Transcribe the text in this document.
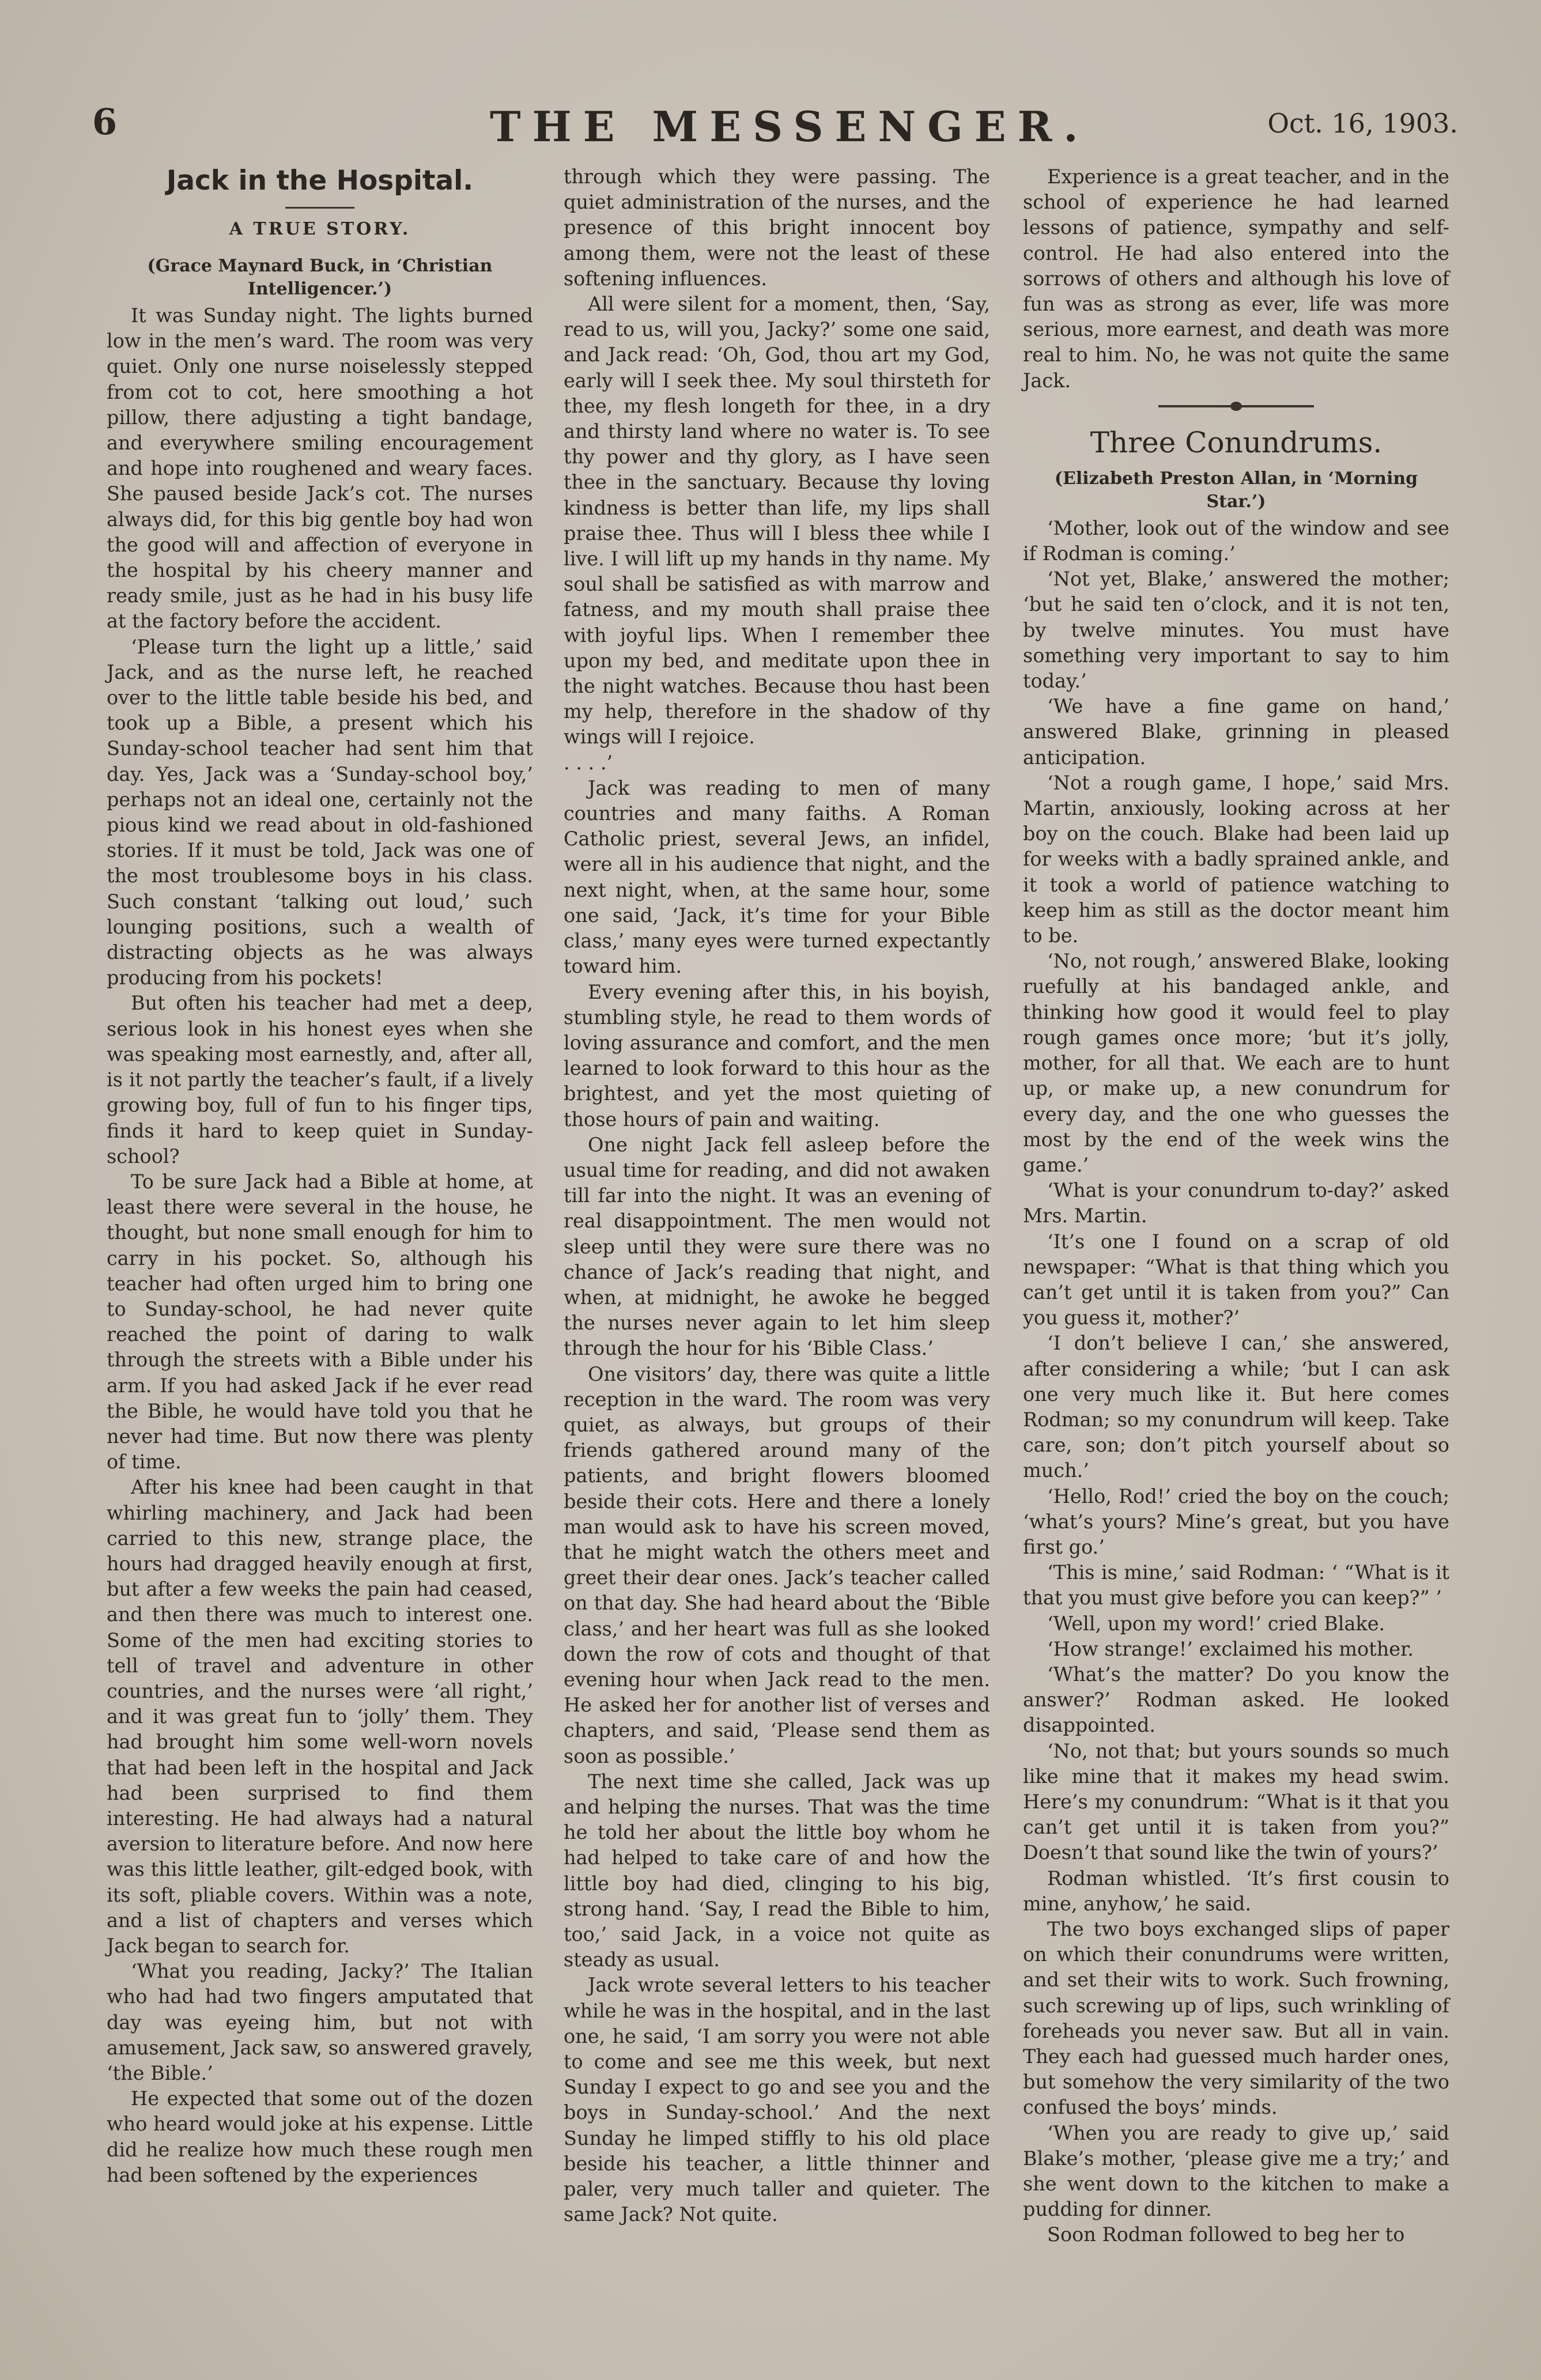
6	THE MESSENGER.	Oct. 16, 1903.
Jack in the Hospital.
A TRUE STORY.
(Grace Maynard Buck, in ‘Christian Intelligencer.’)

It was Sunday night. The lights burned low in the men’s ward. The room was very quiet. Only one nurse noiselessly stepped from cot to cot, here smoothing a hot pillow, there adjusting a tight bandage, and everywhere smiling encouragement and hope into roughened and weary faces. She paused beside Jack’s cot. The nurses always did, for this big gentle boy had won the good will and affection of everyone in the hospital by his cheery manner and ready smile, just as he had in his busy life at the factory before the accident.

‘Please turn the light up a little,’ said Jack, and as the nurse left, he reached over to the little table beside his bed, and took up a Bible, a present which his Sunday-school teacher had sent him that day. Yes, Jack was a ‘Sunday-school boy,’ perhaps not an ideal one, certainly not the pious kind we read about in old-fashioned stories. If it must be told, Jack was one of the most troublesome boys in his class. Such constant ‘talking out loud,’ such lounging positions, such a wealth of distracting objects as he was always producing from his pockets!

But often his teacher had met a deep, serious look in his honest eyes when she was speaking most earnestly, and, after all, is it not partly the teacher’s fault, if a lively growing boy, full of fun to his finger tips, finds it hard to keep quiet in Sunday-school?

To be sure Jack had a Bible at home, at least there were several in the house, he thought, but none small enough for him to carry in his pocket. So, although his teacher had often urged him to bring one to Sunday-school, he had never quite reached the point of daring to walk through the streets with a Bible under his arm. If you had asked Jack if he ever read the Bible, he would have told you that he never had time. But now there was plenty of time.

After his knee had been caught in that whirling machinery, and Jack had been carried to this new, strange place, the hours had dragged heavily enough at first, but after a few weeks the pain had ceased, and then there was much to interest one. Some of the men had exciting stories to tell of travel and adventure in other countries, and the nurses were ‘all right,’ and it was great fun to ‘jolly’ them. They had brought him some well-worn novels that had been left in the hospital and Jack had been surprised to find them interesting. He had always had a natural aversion to literature before. And now here was this little leather, gilt-edged book, with its soft, pliable covers. Within was a note, and a list of chapters and verses which Jack began to search for.

‘What you reading, Jacky?’ The Italian who had had two fingers amputated that day was eyeing him, but not with amusement, Jack saw, so answered gravely, ‘the Bible.’

He expected that some out of the dozen who heard would joke at his expense. Little did he realize how much these rough men had been softened by the experiences

through which they were passing. The quiet administration of the nurses, and the presence of this bright innocent boy among them, were not the least of these softening influences.

All were silent for a moment, then, ‘Say, read to us, will you, Jacky?’ some one said, and Jack read: ‘Oh, God, thou art my God, early will I seek thee. My soul thirsteth for thee, my flesh longeth for thee, in a dry and thirsty land where no water is. To see thy power and thy glory, as I have seen thee in the sanctuary. Because thy loving kindness is better than life, my lips shall praise thee. Thus will I bless thee while I live. I will lift up my hands in thy name. My soul shall be satisfied as with marrow and fatness, and my mouth shall praise thee with joyful lips. When I remember thee upon my bed, and meditate upon thee in the night watches. Because thou hast been my help, therefore in the shadow of thy wings will I rejoice.

. . . .’

Jack was reading to men of many countries and many faiths. A Roman Catholic priest, several Jews, an infidel, were all in his audience that night, and the next night, when, at the same hour, some one said, ‘Jack, it’s time for your Bible class,’ many eyes were turned expectantly toward him.

Every evening after this, in his boyish, stumbling style, he read to them words of loving assurance and comfort, and the men learned to look forward to this hour as the brightest, and yet the most quieting of those hours of pain and waiting.

One night Jack fell asleep before the usual time for reading, and did not awaken till far into the night. It was an evening of real disappointment. The men would not sleep until they were sure there was no chance of Jack’s reading that night, and when, at midnight, he awoke he begged the nurses never again to let him sleep through the hour for his ‘Bible Class.’

One visitors’ day, there was quite a little reception in the ward. The room was very quiet, as always, but groups of their friends gathered around many of the patients, and bright flowers bloomed beside their cots. Here and there a lonely man would ask to have his screen moved, that he might watch the others meet and greet their dear ones. Jack’s teacher called on that day. She had heard about the ‘Bible class,’ and her heart was full as she looked down the row of cots and thought of that evening hour when Jack read to the men. He asked her for another list of verses and chapters, and said, ‘Please send them as soon as possible.’

The next time she called, Jack was up and helping the nurses. That was the time he told her about the little boy whom he had helped to take care of and how the little boy had died, clinging to his big, strong hand. ‘Say, I read the Bible to him, too,’ said Jack, in a voice not quite as steady as usual.

Jack wrote several letters to his teacher while he was in the hospital, and in the last one, he said, ‘I am sorry you were not able to come and see me this week, but next Sunday I expect to go and see you and the boys in Sunday-school.’ And the next Sunday he limped stiffly to his old place beside his teacher, a little thinner and paler, very much taller and quieter. The same Jack? Not quite.

Experience is a great teacher, and in the school of experience he had learned lessons of patience, sympathy and self-control. He had also entered into the sorrows of others and although his love of fun was as strong as ever, life was more serious, more earnest, and death was more real to him. No, he was not quite the same Jack.

Three Conundrums.
(Elizabeth Preston Allan, in ‘Morning Star.’)

‘Mother, look out of the window and see if Rodman is coming.’

‘Not yet, Blake,’ answered the mother; ‘but he said ten o’clock, and it is not ten, by twelve minutes. You must have something very important to say to him today.’

‘We have a fine game on hand,’ answered Blake, grinning in pleased anticipation.

‘Not a rough game, I hope,’ said Mrs. Martin, anxiously, looking across at her boy on the couch. Blake had been laid up for weeks with a badly sprained ankle, and it took a world of patience watching to keep him as still as the doctor meant him to be.

‘No, not rough,’ answered Blake, looking ruefully at his bandaged ankle, and thinking how good it would feel to play rough games once more; ‘but it’s jolly, mother, for all that. We each are to hunt up, or make up, a new conundrum for every day, and the one who guesses the most by the end of the week wins the game.’

‘What is your conundrum to-day?’ asked Mrs. Martin.

‘It’s one I found on a scrap of old newspaper: “What is that thing which you can’t get until it is taken from you?” Can you guess it, mother?’

‘I don’t believe I can,’ she answered, after considering a while; ‘but I can ask one very much like it. But here comes Rodman; so my conundrum will keep. Take care, son; don’t pitch yourself about so much.’

‘Hello, Rod!’ cried the boy on the couch; ‘what’s yours? Mine’s great, but you have first go.’

‘This is mine,’ said Rodman: ‘ “What is it that you must give before you can keep?” ’

‘Well, upon my word!’ cried Blake.

‘How strange!’ exclaimed his mother.

‘What’s the matter? Do you know the answer?’ Rodman asked. He looked disappointed.

‘No, not that; but yours sounds so much like mine that it makes my head swim. Here’s my conundrum: “What is it that you can’t get until it is taken from you?” Doesn’t that sound like the twin of yours?’

Rodman whistled. ‘It’s first cousin to mine, anyhow,’ he said.

The two boys exchanged slips of paper on which their conundrums were written, and set their wits to work. Such frowning, such screwing up of lips, such wrinkling of foreheads you never saw. But all in vain. They each had guessed much harder ones, but somehow the very similarity of the two confused the boys’ minds.

‘When you are ready to give up,’ said Blake’s mother, ‘please give me a try;’ and she went down to the kitchen to make a pudding for dinner.

Soon Rodman followed to beg her to
